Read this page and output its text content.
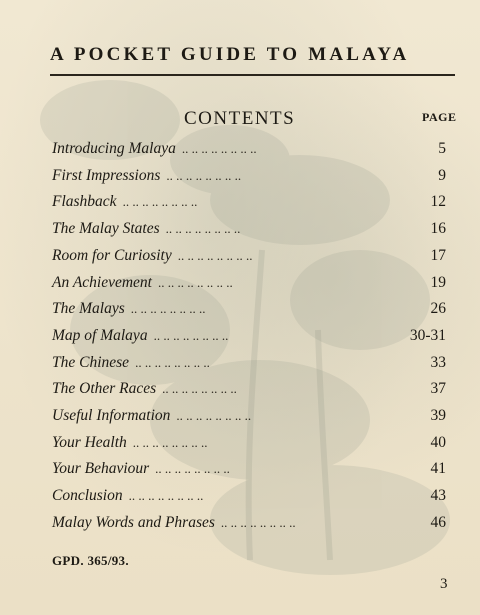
A POCKET GUIDE TO MALAYA
CONTENTS	PAGE
Introducing Malaya .. .. .. .. .. .. .. ..	5
First Impressions .. .. .. .. .. .. .. ..	9
Flashback .. .. .. .. .. .. .. ..	12
The Malay States .. .. .. .. .. .. .. ..	16
Room for Curiosity .. .. .. .. .. .. .. ..	17
An Achievement .. .. .. .. .. .. .. ..	19
The Malays .. .. .. .. .. .. .. ..	26
Map of Malaya .. .. .. .. .. .. .. ..	30-31
The Chinese .. .. .. .. .. .. .. ..	33
The Other Races .. .. .. .. .. .. .. ..	37
Useful Information .. .. .. .. .. .. .. ..	39
Your Health .. .. .. .. .. .. .. ..	40
Your Behaviour .. .. .. .. .. .. .. ..	41
Conclusion .. .. .. .. .. .. .. ..	43
Malay Words and Phrases .. .. .. .. .. .. .. ..	46
GPD. 365/93.
3
